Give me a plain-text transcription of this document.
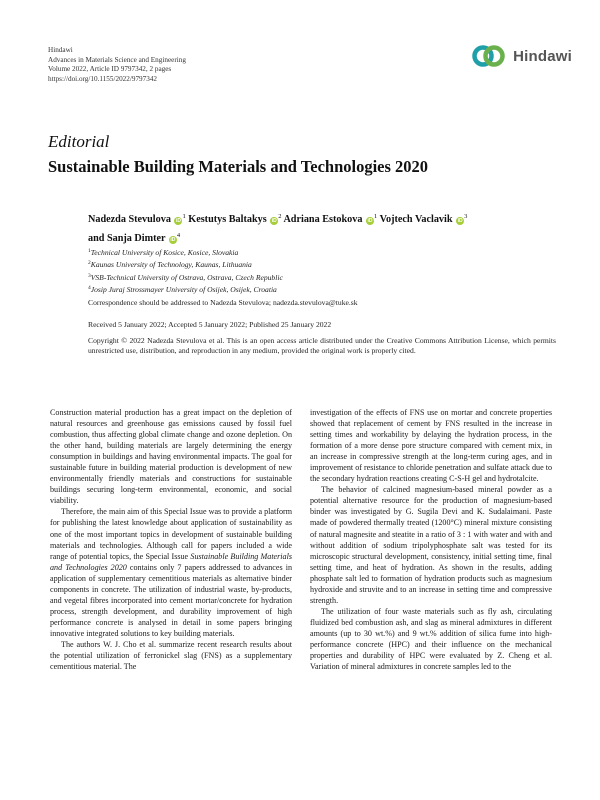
Hindawi
Advances in Materials Science and Engineering
Volume 2022, Article ID 9797342, 2 pages
https://doi.org/10.1155/2022/9797342
Hindawi
Editorial
Sustainable Building Materials and Technologies 2020
Nadezda Stevulova $iD^1$ Kestutys Baltakys $iD^2$ Adriana Estokova $iD^1$ Vojtech Vaclavik $iD^3$
and Sanja Dimter $iD^4$
$^1$Technical University of Kosice, Kosice, Slovakia
$^2$Kaunas University of Technology, Kaunas, Lithuania
$^3$VSB-Technical University of Ostrava, Ostrava, Czech Republic
$^4$Josip Juraj Strossmayer University of Osijek, Osijek, Croatia
Correspondence should be addressed to Nadezda Stevulova; nadezda.stevulova@tuke.sk
Received 5 January 2022; Accepted 5 January 2022; Published 25 January 2022
Copyright © 2022 Nadezda Stevulova et al. This is an open access article distributed under the Creative Commons Attribution License, which permits unrestricted use, distribution, and reproduction in any medium, provided the original work is properly cited.

Construction material production has a great impact on the depletion of natural resources and greenhouse gas emissions caused by fossil fuel combustion, thus affecting global climate change and ozone depletion. On the other hand, building materials are largely determining the energy consumption in buildings and having environmental impacts. The goal for sustainable future in building material production is development of new environmentally friendly materials and constructions for sustainable buildings securing long-term environmental, economic, and social viability.

Therefore, the main aim of this Special Issue was to provide a platform for publishing the latest knowledge about application of sustainability as one of the most important topics in development of sustainable building materials and technologies. Although call for papers included a wide range of potential topics, the Special Issue Sustainable Building Materials and Technologies 2020 contains only 7 papers addressed to advances in application of supplementary cementitious materials as alternative binder components in concrete. The utilization of industrial waste, by-products, and vegetal fibres incorporated into cement mortar/concrete for hydration process, strength development, and durability improvement of high performance concrete is analysed in detail in some papers bringing innovative integrated solutions to key building materials.

The authors W. J. Cho et al. summarize recent research results about the potential utilization of ferronickel slag (FNS) as a supplementary cementitious material. The

investigation of the effects of FNS use on mortar and concrete properties showed that replacement of cement by FNS resulted in the increase in setting times and workability by delaying the hydration process, in the formation of a more dense pore structure compared with cement mix, in an increase in compressive strength at the long-term curing ages, and in improvement of resistance to chloride penetration and sulfate attack due to the secondary hydration reactions creating C-S-H gel and hydrotalcite.

The behavior of calcined magnesium-based mineral powder as a potential alternative resource for the production of magnesium-based binder was investigated by G. Sugila Devi and K. Sudalaimani. Paste made of powdered thermally treated (1200°C) mineral mixture consisting of natural magnesite and steatite in a ratio of 3 : 1 with water and with and without addition of sodium tripolyphosphate salt was tested for its microscopic structural development, consistency, initial setting time, final setting time, and heat of hydration. As shown in the results, adding phosphate salt led to formation of hydration products such as magnesium hydroxide and struvite and to an increase in setting time and compressive strength.

The utilization of four waste materials such as fly ash, circulating fluidized bed combustion ash, and slag as mineral admixtures in different amounts (up to 30 wt.%) and 9 wt.% addition of silica fume into high-performance concrete (HPC) and their influence on the mechanical properties and durability of HPC were evaluated by Z. Cheng et al. Variation of mineral admixtures in concrete samples led to the
